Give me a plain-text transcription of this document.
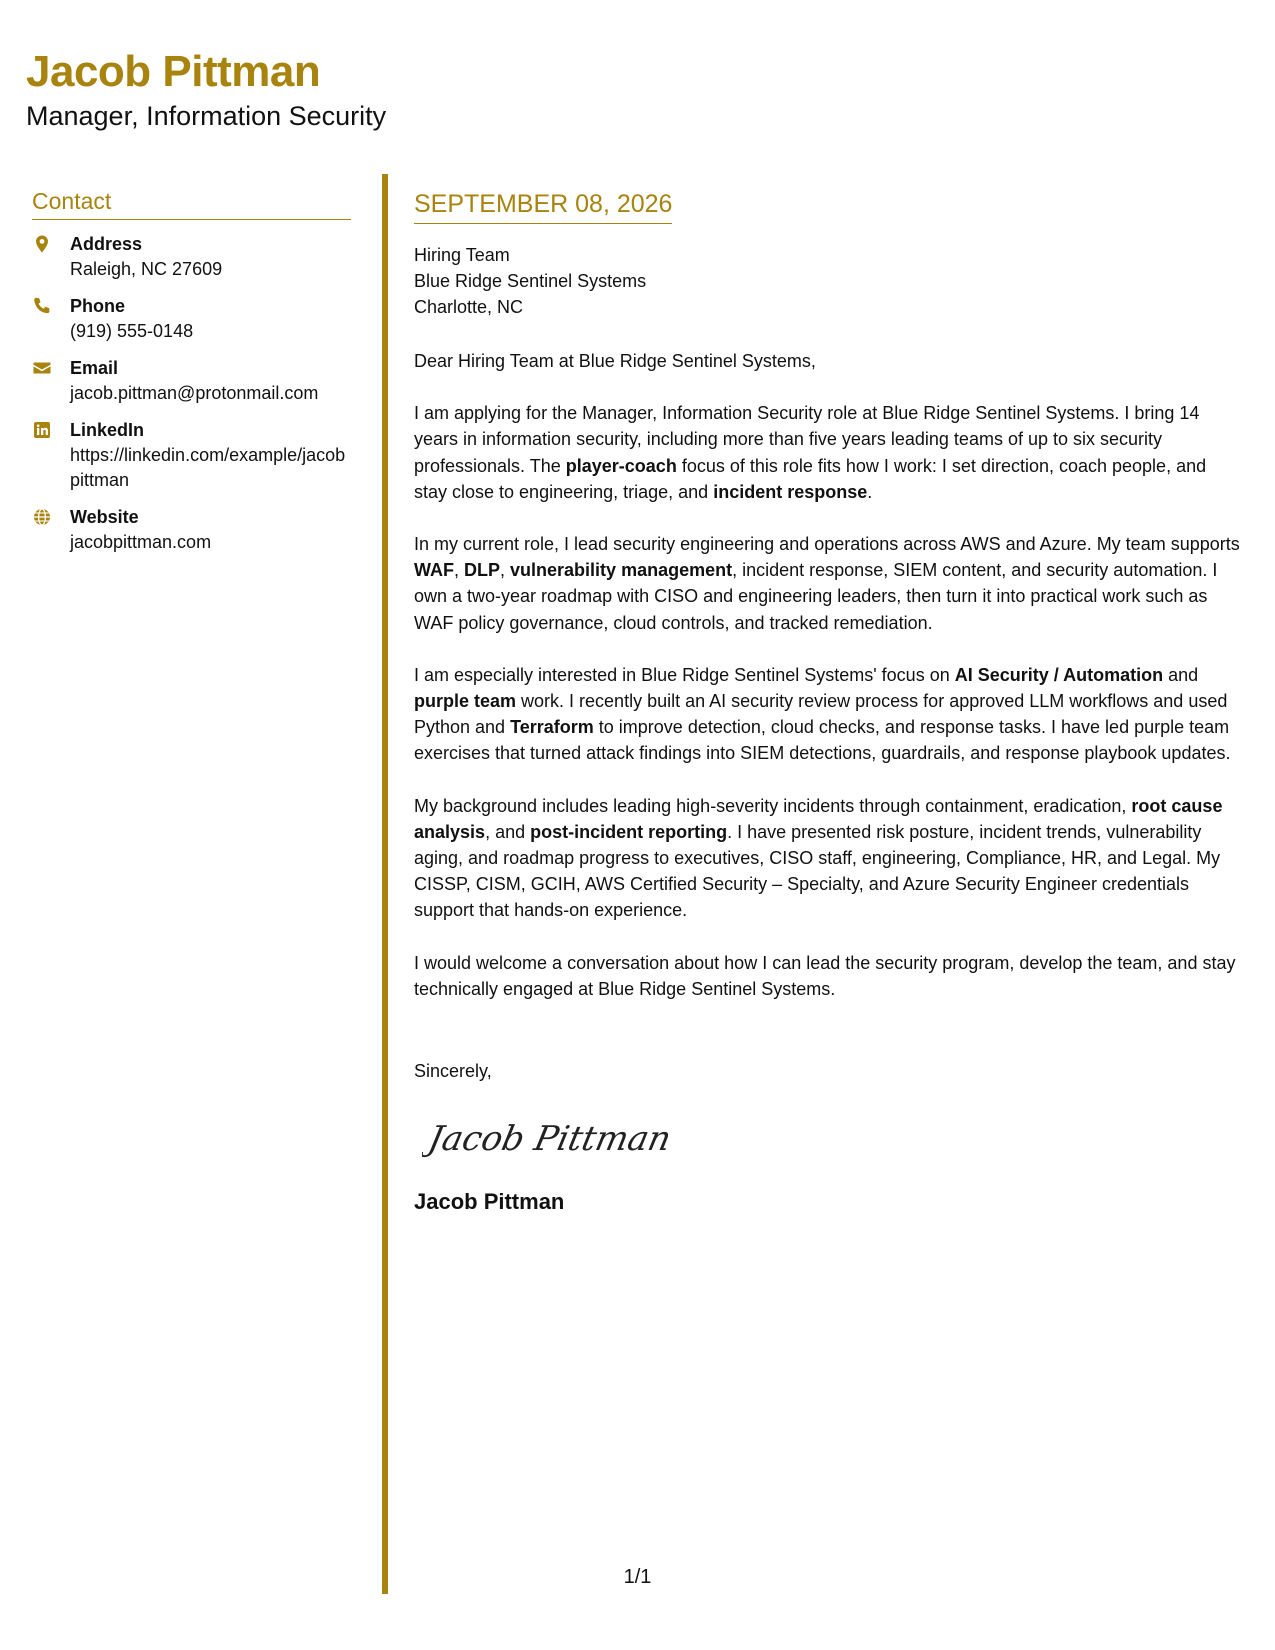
Jacob Pittman
Manager, Information Security
Contact
Address
Raleigh, NC 27609
Phone
(919) 555-0148
Email
jacob.pittman@protonmail.com
LinkedIn
https://linkedin.com/example/jacobpittman
Website
jacobpittman.com
SEPTEMBER 08, 2026
Hiring Team
Blue Ridge Sentinel Systems
Charlotte, NC

Dear Hiring Team at Blue Ridge Sentinel Systems,

I am applying for the Manager, Information Security role at Blue Ridge Sentinel Systems. I bring 14 years in information security, including more than five years leading teams of up to six security professionals. The player-coach focus of this role fits how I work: I set direction, coach people, and stay close to engineering, triage, and incident response.

In my current role, I lead security engineering and operations across AWS and Azure. My team supports WAF, DLP, vulnerability management, incident response, SIEM content, and security automation. I own a two-year roadmap with CISO and engineering leaders, then turn it into practical work such as WAF policy governance, cloud controls, and tracked remediation.

I am especially interested in Blue Ridge Sentinel Systems' focus on AI Security / Automation and purple team work. I recently built an AI security review process for approved LLM workflows and used Python and Terraform to improve detection, cloud checks, and response tasks. I have led purple team exercises that turned attack findings into SIEM detections, guardrails, and response playbook updates.

My background includes leading high-severity incidents through containment, eradication, root cause analysis, and post-incident reporting. I have presented risk posture, incident trends, vulnerability aging, and roadmap progress to executives, CISO staff, engineering, Compliance, HR, and Legal. My CISSP, CISM, GCIH, AWS Certified Security – Specialty, and Azure Security Engineer credentials support that hands-on experience.

I would welcome a conversation about how I can lead the security program, develop the team, and stay technically engaged at Blue Ridge Sentinel Systems.

Sincerely,
Jacob Pittman
Jacob Pittman
1/1
